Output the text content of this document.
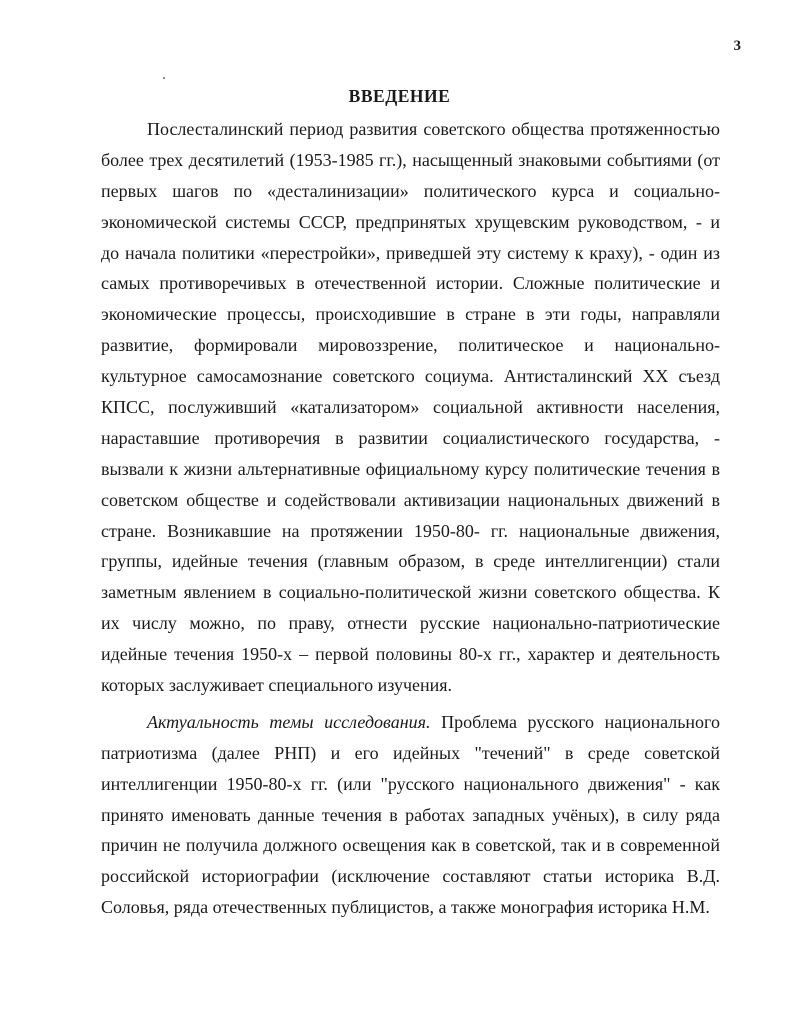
3
ВВЕДЕНИЕ
Послесталинский период развития советского общества протяженностью
более трех десятилетий (1953-1985 гг.), насыщенный знаковыми событиями (от
первых шагов по «десталинизации» политического курса и социально-
экономической системы СССР, предпринятых хрущевским руководством, - и
до начала политики «перестройки», приведшей эту систему к краху), - один из
самых противоречивых в отечественной истории. Сложные политические и
экономические процессы, происходившие в стране в эти годы, направляли
развитие, формировали мировоззрение, политическое и национально-
культурное самосамознание советского социума. Антисталинский XX съезд
КПСС, послуживший «катализатором» социальной активности населения,
нараставшие противоречия в развитии социалистического государства, -
вызвали к жизни альтернативные официальному курсу политические течения в
советском обществе и содействовали активизации национальных движений в
стране. Возникавшие на протяжении 1950-80- гг. национальные движения,
группы, идейные течения (главным образом, в среде интеллигенции) стали
заметным явлением в социально-политической жизни советского общества. К
их числу можно, по праву, отнести русские национально-патриотические
идейные течения 1950-х – первой половины 80-х гг., характер и деятельность
которых заслуживает специального изучения.
Актуальность темы исследования. Проблема русского национального
патриотизма (далее РНП) и его идейных "течений" в среде советской
интеллигенции 1950-80-х гг. (или "русского национального движения" - как
принято именовать данные течения в работах западных учёных), в силу ряда
причин не получила должного освещения как в советской, так и в современной
российской историографии (исключение составляют статьи историка В.Д.
Соловья, ряда отечественных публицистов, а также монография историка Н.М.
